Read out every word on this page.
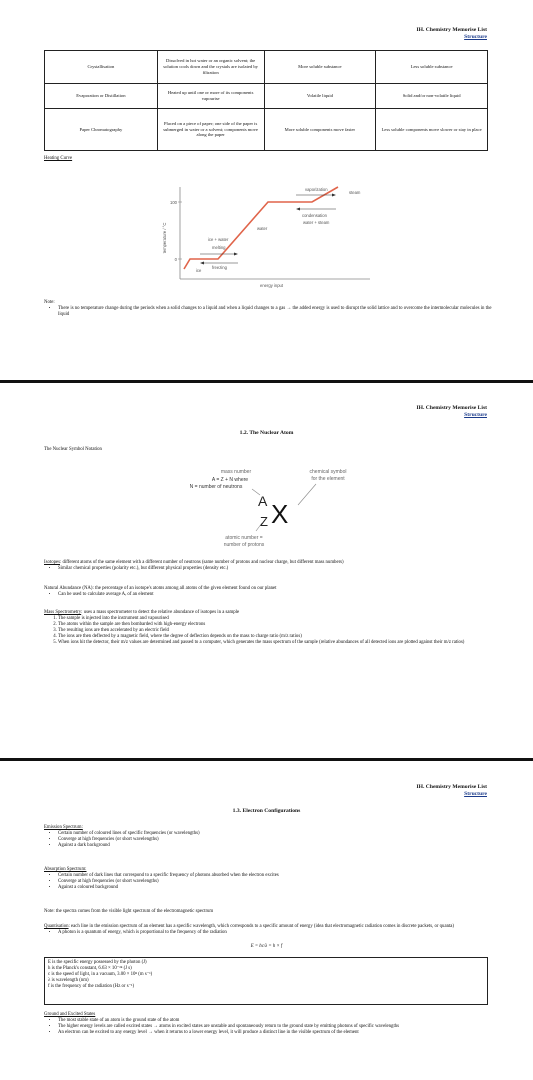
IH. Chemistry Memorise List
Structure
Crystallisation	Dissolved in hot water or an organic solvent; the solution cools down and the crystals are isolated by filtration	More soluble substance	Less soluble substance
Evaporation or Distillation	Heated up until one or more of its components vapourise	Volatile liquid	Solid and/or non-volatile liquid
Paper Chromatography	Placed on a piece of paper; one side of the paper is submerged in water or a solvent; components move along the paper	More soluble components move faster	Less soluble components move slower or stay in place
Heating Curve
temperature / °C
100
0
ice
ice + water
melting
freezing
water
vaporization
steam
condensation
water + steam
energy input
Note:
• There is no temperature change during the periods when a solid changes to a liquid and when a liquid changes to a gas → the added energy is used to disrupt the solid lattice and to overcome the intermolecular molecules in the liquid
IH. Chemistry Memorise List
Structure
1.2. The Nuclear Atom
The Nuclear Symbol Notation
mass number
A = Z + N where
N = number of neutrons
chemical symbol
for the element
atomic number =
number of protons
A
Z X
Isotopes: different atoms of the same element with a different number of neutrons (same number of protons and nuclear charge, but different mass numbers)
• Similar chemical properties (polarity etc.), but different physical properties (density etc.)
Natural Abundance (NA): the percentage of an isotope's atoms among all atoms of the given element found on our planet
• Can be used to calculate average Aᵣ of an element
Mass Spectrometry: uses a mass spectrometer to detect the relative abundance of isotopes in a sample
1. The sample is injected into the instrument and vapourised
2. The atoms within the sample are then bombarded with high-energy electrons
3. The resulting ions are then accelerated by an electric field
4. The ions are then deflected by a magnetic field, where the degree of deflection depends on the mass to charge ratio (m/z ratios)
5. When ions hit the detector, their m/z values are determined and passed to a computer, which generates the mass spectrum of the sample (relative abundances of all detected ions are plotted against their m/z ratios)
IH. Chemistry Memorise List
Structure
1.3. Electron Configurations
Emission Spectrum:
• Certain number of coloured lines of specific frequencies (or wavelengths)
• Converge at high frequencies (or short wavelengths)
• Against a dark background
Absorption Spectrum:
• Certain number of dark lines that correspond to a specific frequency of photons absorbed when the electron excites
• Converge at high frequencies (or short wavelengths)
• Against a coloured background
Note: the spectra comes from the visible light spectrum of the electromagnetic spectrum
Quantisation: each line in the emission spectrum of an element has a specific wavelength, which corresponds to a specific amount of energy (idea that electromagnetic radiation comes in discrete packets, or quanta)
• A photon is a quantum of energy, which is proportional to the frequency of the radiation
E = hc/λ = h × f
E is the specific energy possessed by the photon (J)
h is the Planck's constant, 6.63 × 10⁻³⁴ (J s)
c is the speed of light, in a vacuum, 3.00 × 10⁸ (m s⁻¹)
λ is wavelength (nm)
f is the frequency of the radiation (Hz or s⁻¹)
Ground and Excited States
• The most stable state of an atom is the ground state of the atom
• The higher energy levels are called excited states → atoms in excited states are unstable and spontaneously return to the ground state by emitting photons of specific wavelengths
• An electron can be excited to any energy level → when it returns to a lower energy level, it will produce a distinct line in the visible spectrum of the element
